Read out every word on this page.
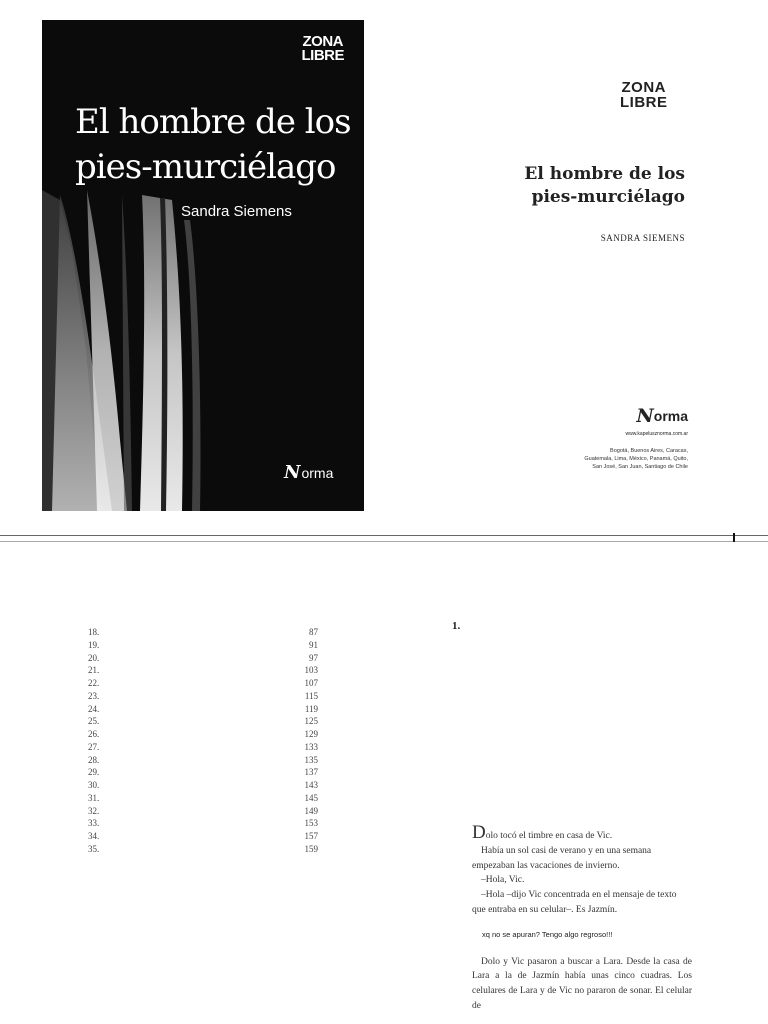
ZONA
LIBRE
El hombre de los
pies-murciélago
Sandra Siemens
N orma
ZONA
LIBRE
El hombre de los
pies-murciélago
SANDRA SIEMENS
N orma
www.kapelusznorma.com.ar
Bogotá, Buenos Aires, Caracas,
Guatemala, Lima, México, Panamá, Quito,
San José, San Juan, Santiago de Chile
18.	87
19.	91
20.	97
21.	103
22.	107
23.	115
24.	119
25.	125
26.	129
27.	133
28.	135
29.	137
30.	143
31.	145
32.	149
33.	153
34.	157
35.	159
1.

Dolo tocó el timbre en casa de Vic.

Había un sol casi de verano y en una semana empezaban las vacaciones de invierno.

–Hola, Vic.

–Hola –dijo Vic concentrada en el mensaje de texto que entraba en su celular–. Es Jazmín.

xq no se apuran? Tengo algo regroso!!!

Dolo y Vic pasaron a buscar a Lara. Desde la casa de Lara a la de Jazmín había unas cinco cuadras. Los celulares de Lara y de Vic no pararon de sonar. El celular de
